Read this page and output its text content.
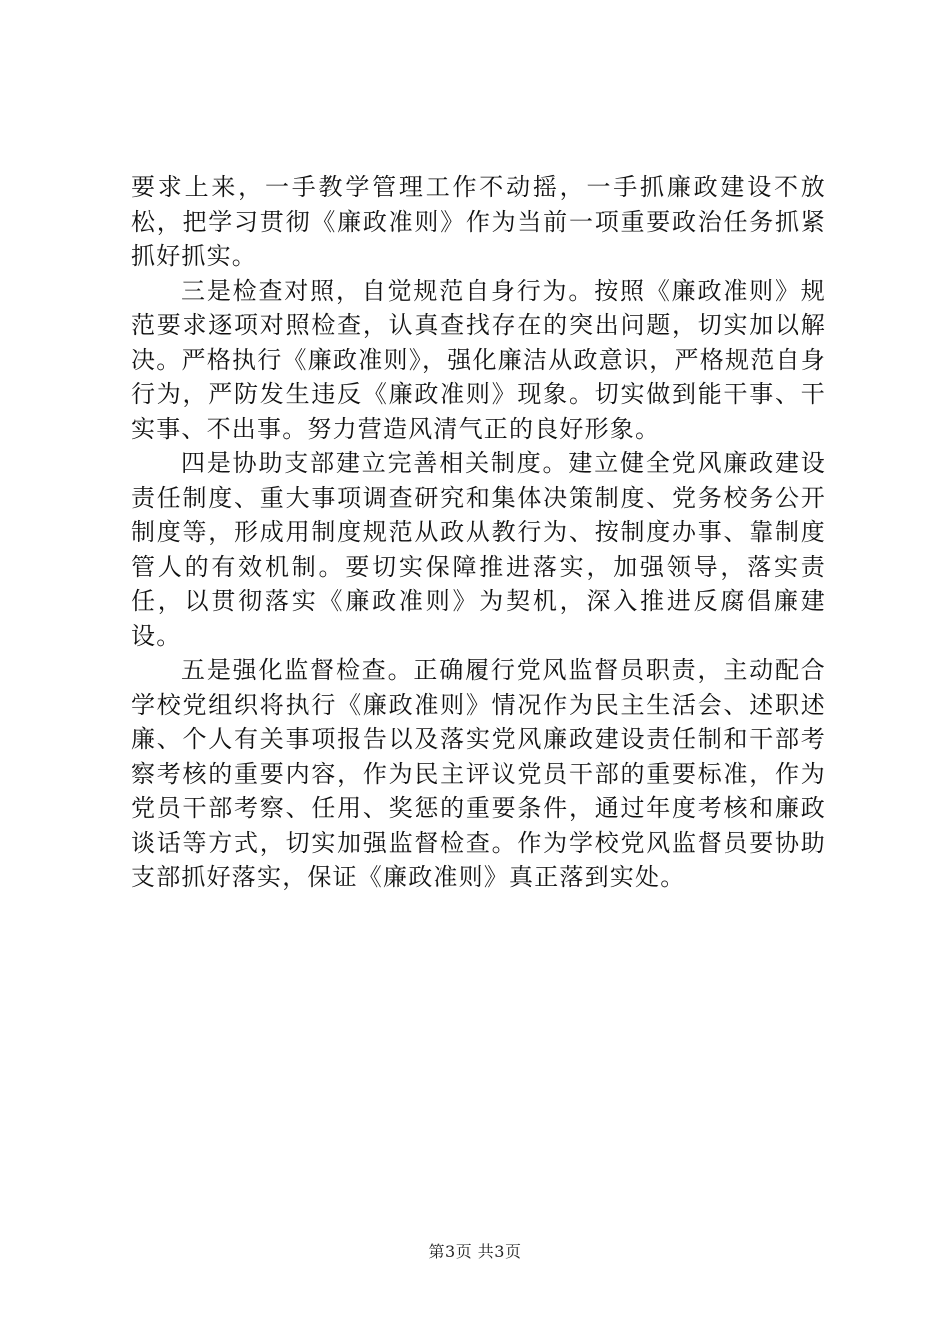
要求上来，一手教学管理工作不动摇，一手抓廉政建设不放松，把学习贯彻《廉政准则》作为当前一项重要政治任务抓紧抓好抓实。

三是检查对照，自觉规范自身行为。按照《廉政准则》规范要求逐项对照检查，认真查找存在的突出问题，切实加以解决。严格执行《廉政准则》，强化廉洁从政意识，严格规范自身行为，严防发生违反《廉政准则》现象。切实做到能干事、干实事、不出事。努力营造风清气正的良好形象。

四是协助支部建立完善相关制度。建立健全党风廉政建设责任制度、重大事项调查研究和集体决策制度、党务校务公开制度等，形成用制度规范从政从教行为、按制度办事、靠制度管人的有效机制。要切实保障推进落实，加强领导，落实责任，以贯彻落实《廉政准则》为契机，深入推进反腐倡廉建设。

五是强化监督检查。正确履行党风监督员职责，主动配合学校党组织将执行《廉政准则》情况作为民主生活会、述职述廉、个人有关事项报告以及落实党风廉政建设责任制和干部考察考核的重要内容，作为民主评议党员干部的重要标准，作为党员干部考察、任用、奖惩的重要条件，通过年度考核和廉政谈话等方式，切实加强监督检查。作为学校党风监督员要协助支部抓好落实，保证《廉政准则》真正落到实处。

第3页 共3页
